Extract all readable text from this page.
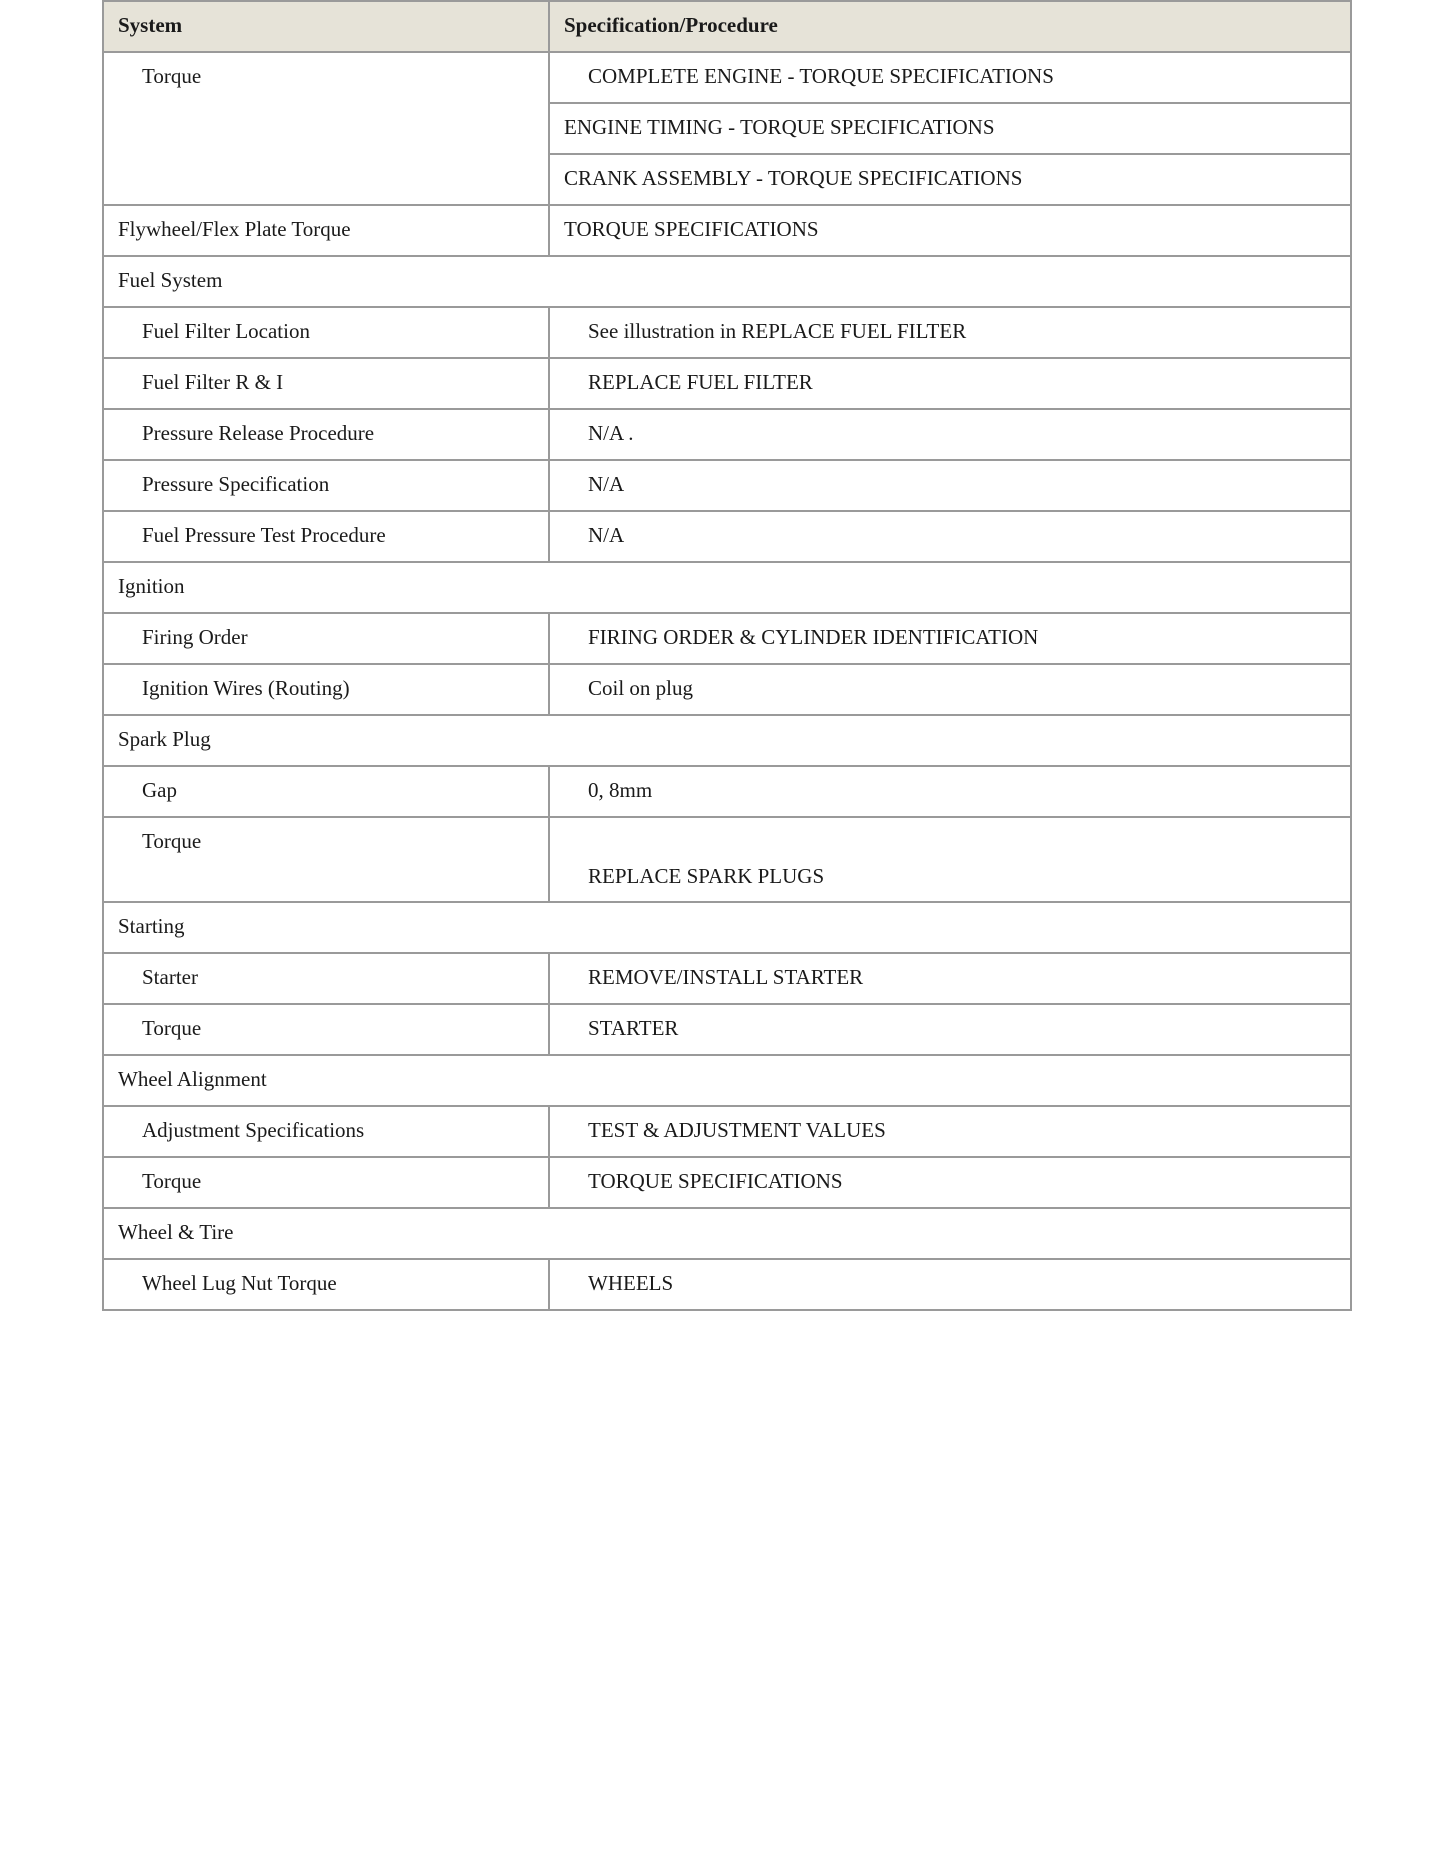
System	Specification/Procedure
Torque	COMPLETE ENGINE - TORQUE SPECIFICATIONS
	ENGINE TIMING - TORQUE SPECIFICATIONS
	CRANK ASSEMBLY - TORQUE SPECIFICATIONS
Flywheel/Flex Plate Torque	TORQUE SPECIFICATIONS
Fuel System	
Fuel Filter Location	See illustration in REPLACE FUEL FILTER
Fuel Filter R & I	REPLACE FUEL FILTER
Pressure Release Procedure	N/A .
Pressure Specification	N/A
Fuel Pressure Test Procedure	N/A
Ignition	
Firing Order	FIRING ORDER & CYLINDER IDENTIFICATION
Ignition Wires (Routing)	Coil on plug
Spark Plug	
Gap	0, 8mm
Torque	REPLACE SPARK PLUGS
Starting	
Starter	REMOVE/INSTALL STARTER
Torque	STARTER
Wheel Alignment	
Adjustment Specifications	TEST & ADJUSTMENT VALUES
Torque	TORQUE SPECIFICATIONS
Wheel & Tire	
Wheel Lug Nut Torque	WHEELS
